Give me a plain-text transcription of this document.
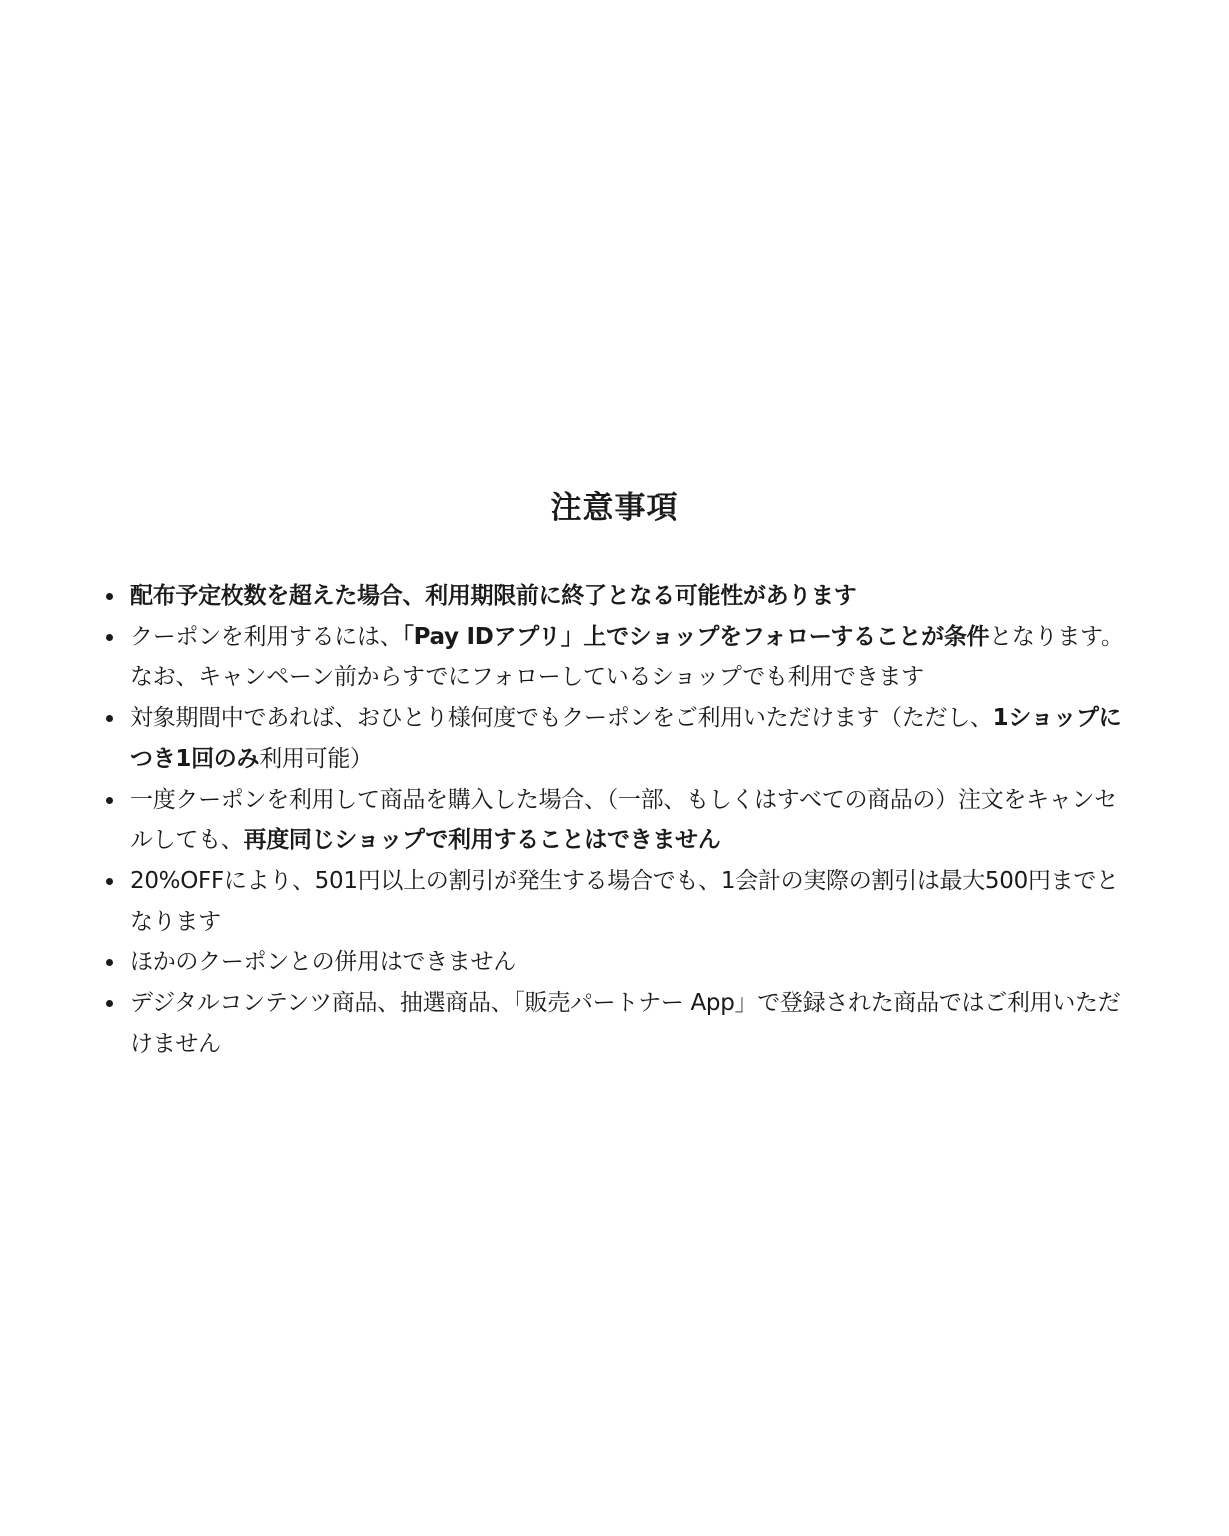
注意事項
配布予定枚数を超えた場合、利用期限前に終了となる可能性があります
クーポンを利用するには、「Pay IDアプリ」上でショップをフォローすることが条件となります。なお、キャンペーン前からすでにフォローしているショップでも利用できます
対象期間中であれば、おひとり様何度でもクーポンをご利用いただけます（ただし、1ショップにつき1回のみ利用可能）
一度クーポンを利用して商品を購入した場合、（一部、もしくはすべての商品の）注文をキャンセルしても、再度同じショップで利用することはできません
20%OFFにより、501円以上の割引が発生する場合でも、1会計の実際の割引は最大500円までとなります
ほかのクーポンとの併用はできません
デジタルコンテンツ商品、抽選商品、「販売パートナー App」で登録された商品ではご利用いただけません
